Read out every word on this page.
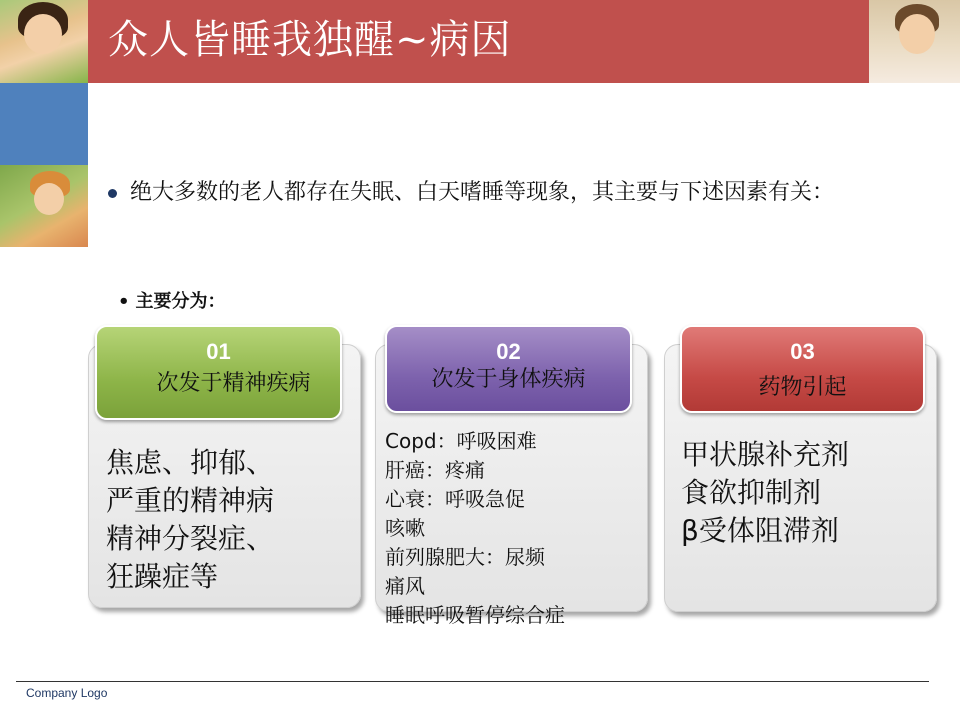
众人皆睡我独醒~病因
绝大多数的老人都存在失眠、白天嗜睡等现象，其主要与下述因素有关：
• 主要分为：
01
次发于精神疾病
02
次发于身体疾病
03
药物引起
焦虑、抑郁、
严重的精神病
精神分裂症、
狂躁症等
Copd：呼吸困难
肝癌：疼痛
心衰：呼吸急促
咳嗽
前列腺肥大：尿频
痛风
睡眠呼吸暂停综合症
甲状腺补充剂
食欲抑制剂
β受体阻滞剂
Company Logo
